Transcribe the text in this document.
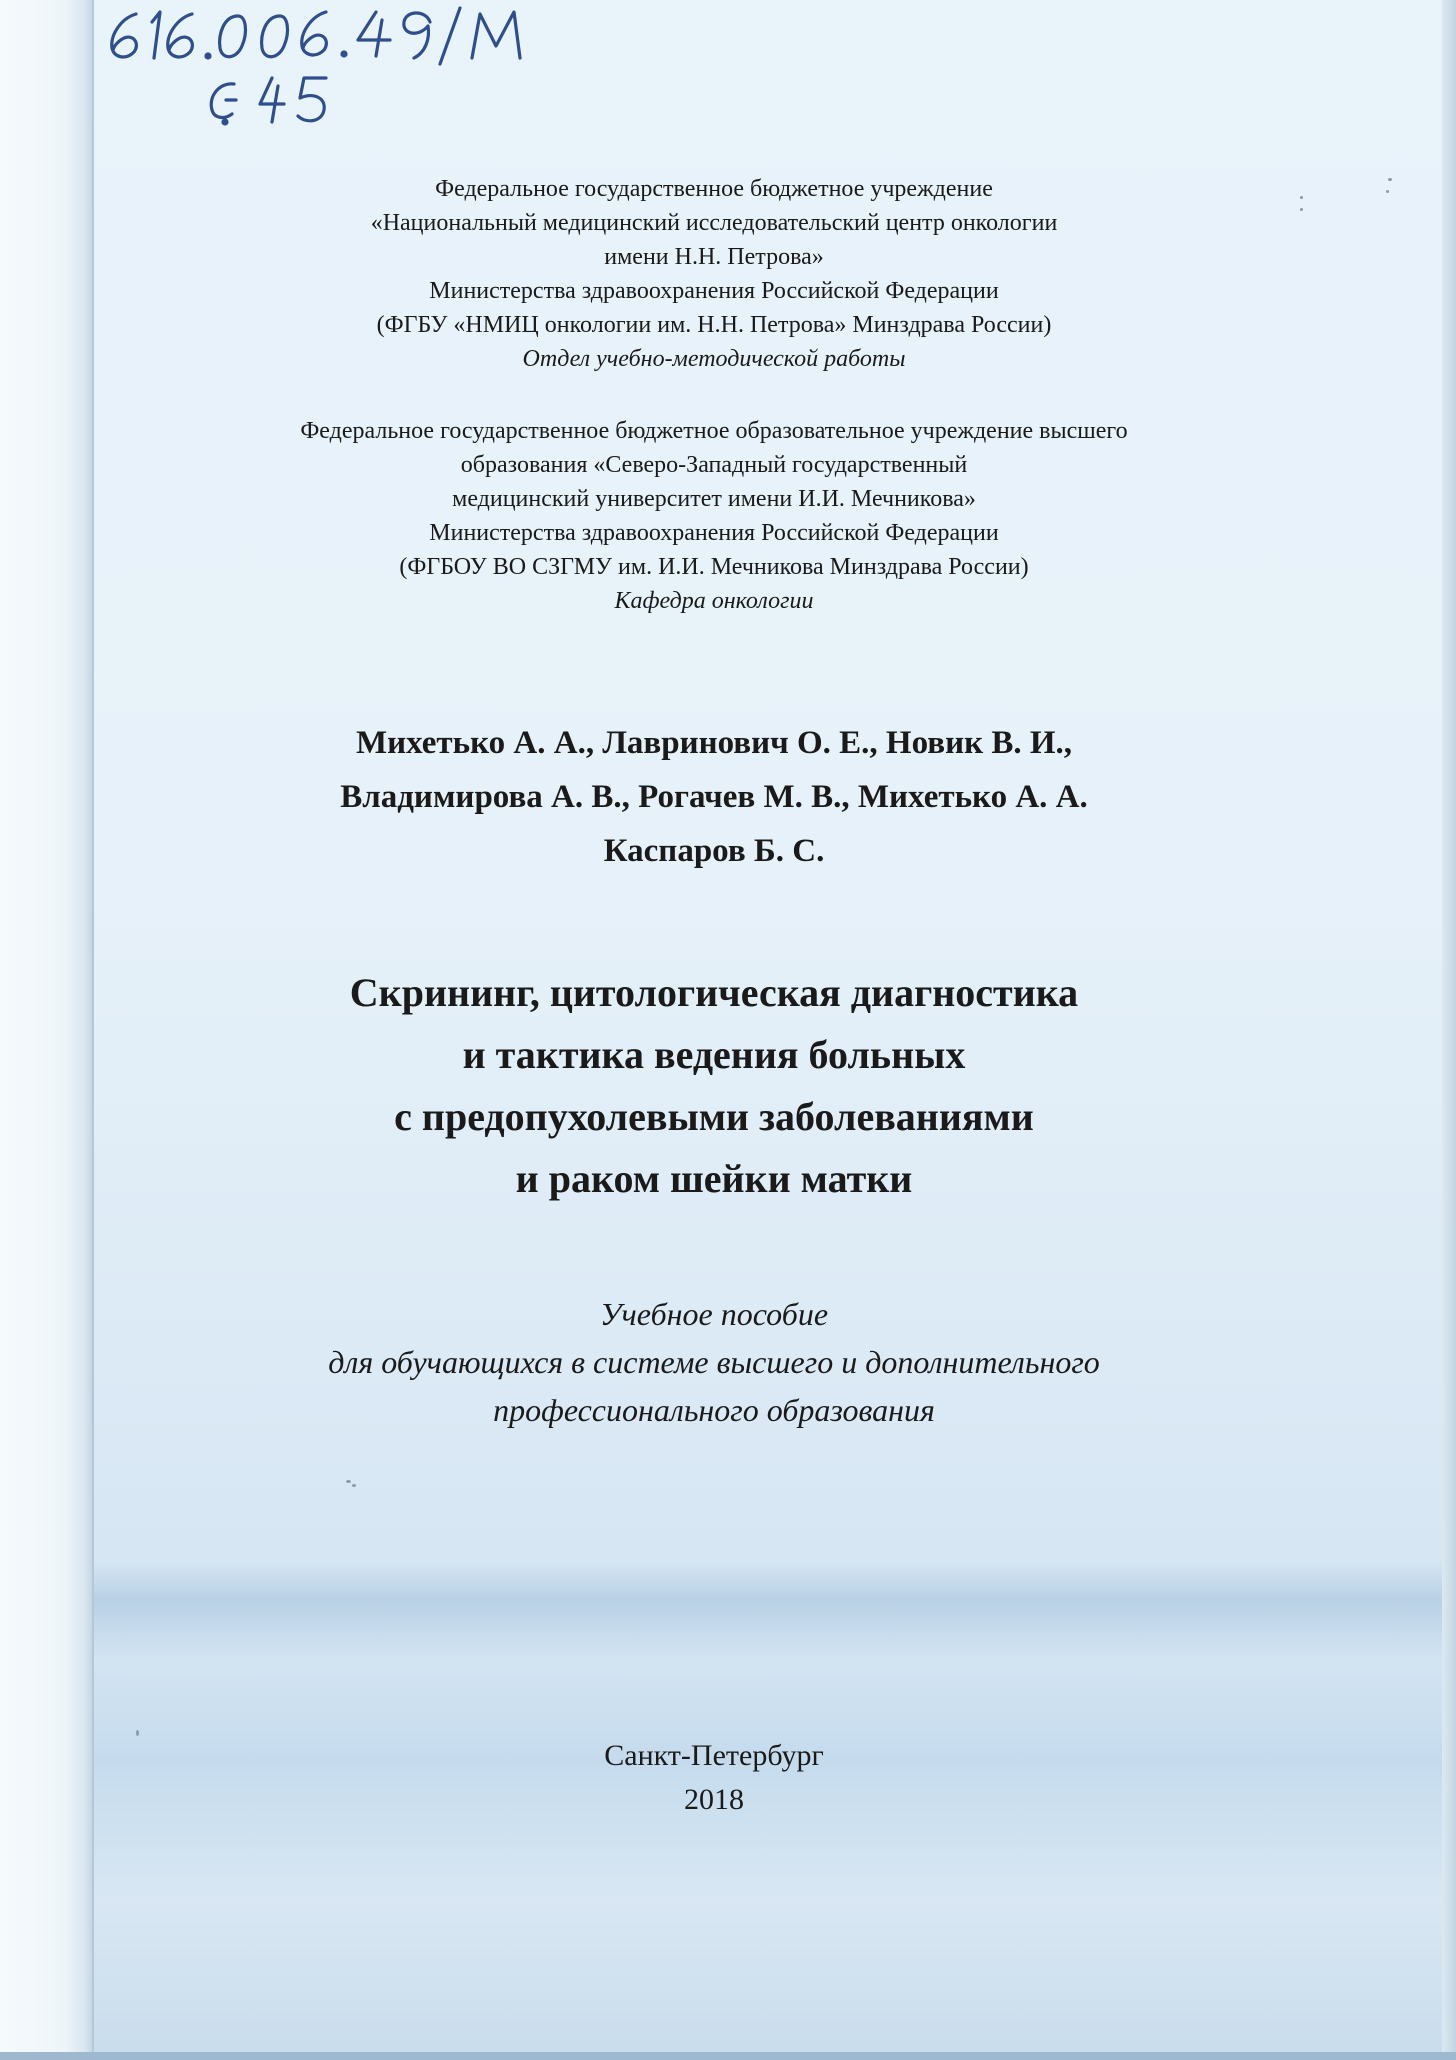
Федеральное государственное бюджетное учреждение
«Национальный медицинский исследовательский центр онкологии
имени Н.Н. Петрова»
Министерства здравоохранения Российской Федерации
(ФГБУ «НМИЦ онкологии им. Н.Н. Петрова» Минздрава России)
Отдел учебно-методической работы
Федеральное государственное бюджетное образовательное учреждение высшего
образования «Северо-Западный государственный
медицинский университет имени И.И. Мечникова»
Министерства здравоохранения Российской Федерации
(ФГБОУ ВО СЗГМУ им. И.И. Мечникова Минздрава России)
Кафедра онкологии
Михетько А. А., Лавринович О. Е., Новик В. И.,
Владимирова А. В., Рогачев М. В., Михетько А. А.
Каспаров Б. С.
Скрининг, цитологическая диагностика
и тактика ведения больных
с предопухолевыми заболеваниями
и раком шейки матки
Учебное пособие
для обучающихся в системе высшего и дополнительного
профессионального образования
Санкт-Петербург
2018
